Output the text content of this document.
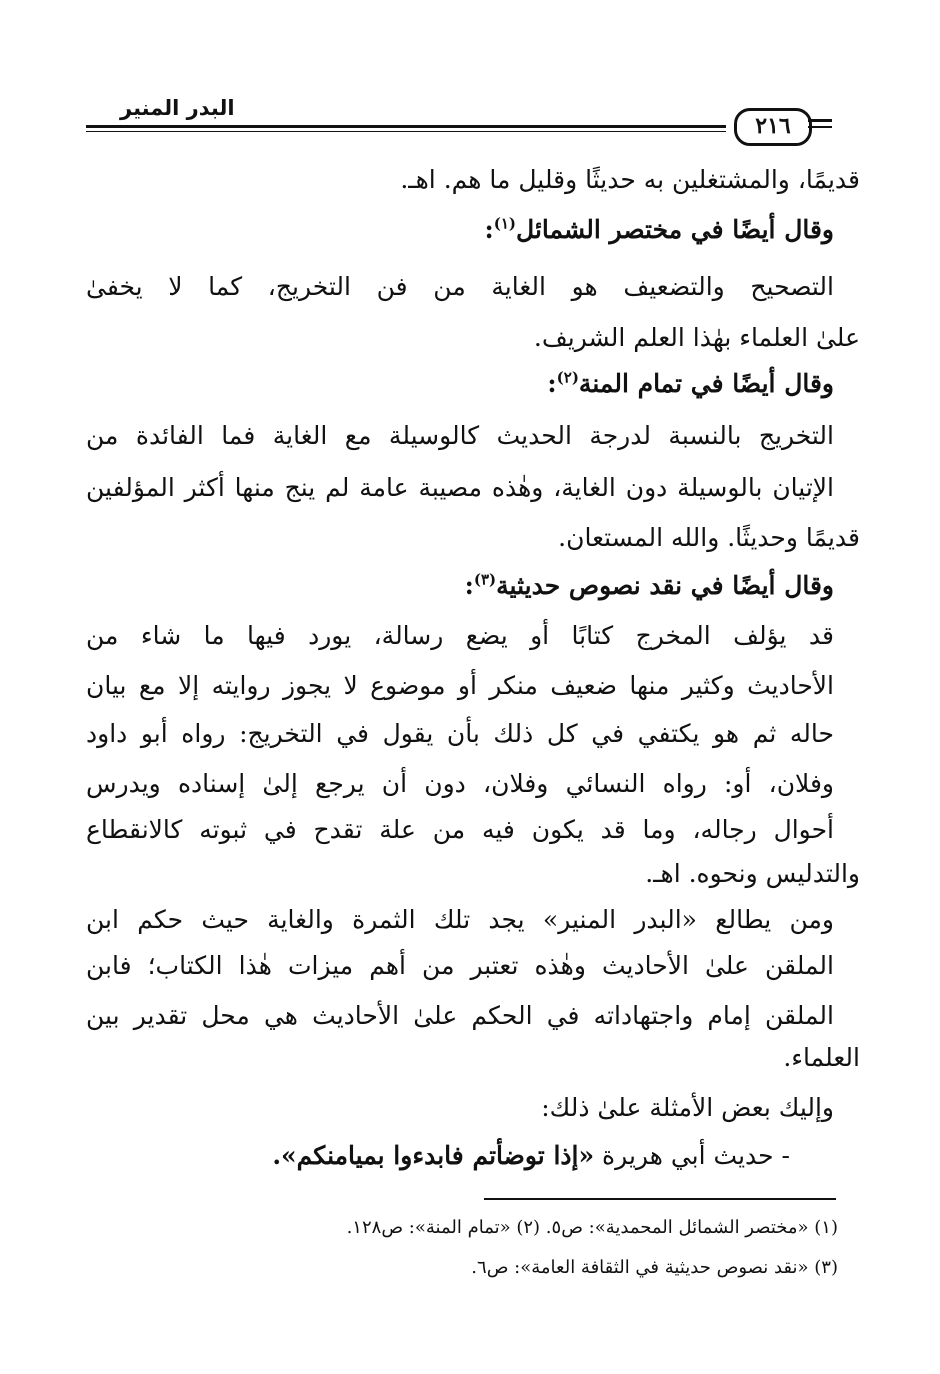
البدر المنير
٢١٦
قديمًا، والمشتغلين به حديثًا وقليل ما هم. اهـ.
وقال أيضًا في مختصر الشمائل$^{(١)}$:
التصحيح والتضعيف هو الغاية من فن التخريج، كما لا يخفىٰ
علىٰ العلماء بهٰذا العلم الشريف.
وقال أيضًا في تمام المنة$^{(٢)}$:
التخريج بالنسبة لدرجة الحديث كالوسيلة مع الغاية فما الفائدة من
الإتيان بالوسيلة دون الغاية، وهٰذه مصيبة عامة لم ينج منها أكثر المؤلفين
قديمًا وحديثًا. والله المستعان.
وقال أيضًا في نقد نصوص حديثية$^{(٣)}$:
قد يؤلف المخرج كتابًا أو يضع رسالة، يورد فيها ما شاء من
الأحاديث وكثير منها ضعيف منكر أو موضوع لا يجوز روايته إلا مع بيان
حاله ثم هو يكتفي في كل ذلك بأن يقول في التخريج: رواه أبو داود
وفلان، أو: رواه النسائي وفلان، دون أن يرجع إلىٰ إسناده ويدرس
أحوال رجاله، وما قد يكون فيه من علة تقدح في ثبوته كالانقطاع
والتدليس ونحوه. اهـ.
ومن يطالع «البدر المنير» يجد تلك الثمرة والغاية حيث حكم ابن
الملقن علىٰ الأحاديث وهٰذه تعتبر من أهم ميزات هٰذا الكتاب؛ فابن
الملقن إمام واجتهاداته في الحكم علىٰ الأحاديث هي محل تقدير بين
العلماء.
وإليك بعض الأمثلة علىٰ ذلك:
- حديث أبي هريرة «إذا توضأتم فابدءوا بميامنكم».
(١) «مختصر الشمائل المحمدية»: ص٥. (٢) «تمام المنة»: ص١٢٨.
(٣) «نقد نصوص حديثية في الثقافة العامة»: ص٦.
